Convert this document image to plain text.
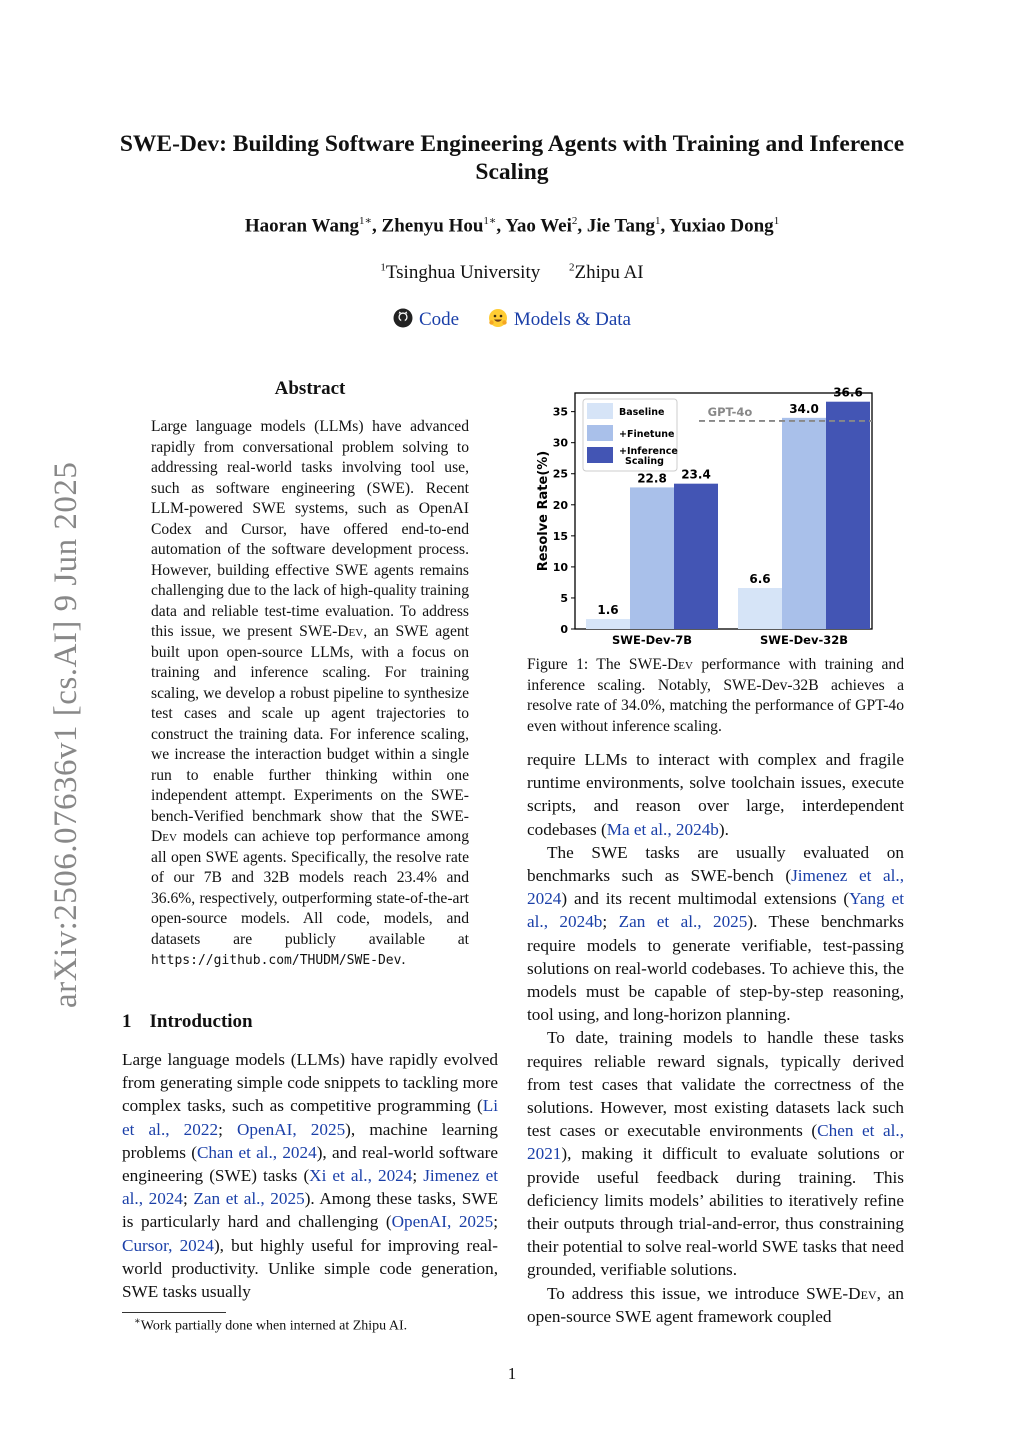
arXiv:2506.07636v1 [cs.AI] 9 Jun 2025
SWE-Dev: Building Software Engineering Agents with Training and Inference Scaling
Haoran Wang$^{1∗}$, Zhenyu Hou$^{1∗}$, Yao Wei$^2$, Jie Tang$^1$, Yuxiao Dong$^1$
$^1$Tsinghua University	$^2$Zhipu AI
Code	Models & Data
Abstract
Large language models (LLMs) have advanced rapidly from conversational problem solving to addressing real-world tasks involving tool use, such as software engineering (SWE). Recent LLM-powered SWE systems, such as OpenAI Codex and Cursor, have offered end-to-end automation of the software development process. However, building effective SWE agents remains challenging due to the lack of high-quality training data and reliable test-time evaluation. To address this issue, we present SWE-Dev, an SWE agent built upon open-source LLMs, with a focus on training and inference scaling. For training scaling, we develop a robust pipeline to synthesize test cases and scale up agent trajectories to construct the training data. For inference scaling, we increase the interaction budget within a single run to enable further thinking within one independent attempt. Experiments on the SWE-bench-Verified benchmark show that the SWE-Dev models can achieve top performance among all open SWE agents. Specifically, the resolve rate of our 7B and 32B models reach 23.4% and 36.6%, respectively, outperforming state-of-the-art open-source models. All code, models, and datasets are publicly available at https://github.com/THUDM/SWE-Dev.
1 Introduction

Large language models (LLMs) have rapidly evolved from generating simple code snippets to tackling more complex tasks, such as competitive programming (Li et al., 2022; OpenAI, 2025), machine learning problems (Chan et al., 2024), and real-world software engineering (SWE) tasks (Xi et al., 2024; Jimenez et al., 2024; Zan et al., 2025). Among these tasks, SWE is particularly hard and challenging (OpenAI, 2025; Cursor, 2024), but highly useful for improving real-world productivity. Unlike simple code generation, SWE tasks usually

∗Work partially done when interned at Zhipu AI.
1
0
5
10
15
20
25
30
35
Resolve Rate(%)
1.6
22.8 23.4
SWE-Dev-7B
6.6
34.0
36.6
SWE-Dev-32B
GPT-4o
Baseline
+Finetune
+Inference
Scaling
Figure 1: The SWE-Dev performance with training and inference scaling. Notably, SWE-Dev-32B achieves a resolve rate of 34.0%, matching the performance of GPT-4o even without inference scaling.

require LLMs to interact with complex and fragile runtime environments, solve toolchain issues, execute scripts, and reason over large, interdependent codebases (Ma et al., 2024b).

The SWE tasks are usually evaluated on benchmarks such as SWE-bench (Jimenez et al., 2024) and its recent multimodal extensions (Yang et al., 2024b; Zan et al., 2025). These benchmarks require models to generate verifiable, test-passing solutions on real-world codebases. To achieve this, the models must be capable of step-by-step reasoning, tool using, and long-horizon planning.

To date, training models to handle these tasks requires reliable reward signals, typically derived from test cases that validate the correctness of the solutions. However, most existing datasets lack such test cases or executable environments (Chen et al., 2021), making it difficult to evaluate solutions or provide useful feedback during training. This deficiency limits models’ abilities to iteratively refine their outputs through trial-and-error, thus constraining their potential to solve real-world SWE tasks that need grounded, verifiable solutions.

To address this issue, we introduce SWE-Dev, an open-source SWE agent framework coupled
